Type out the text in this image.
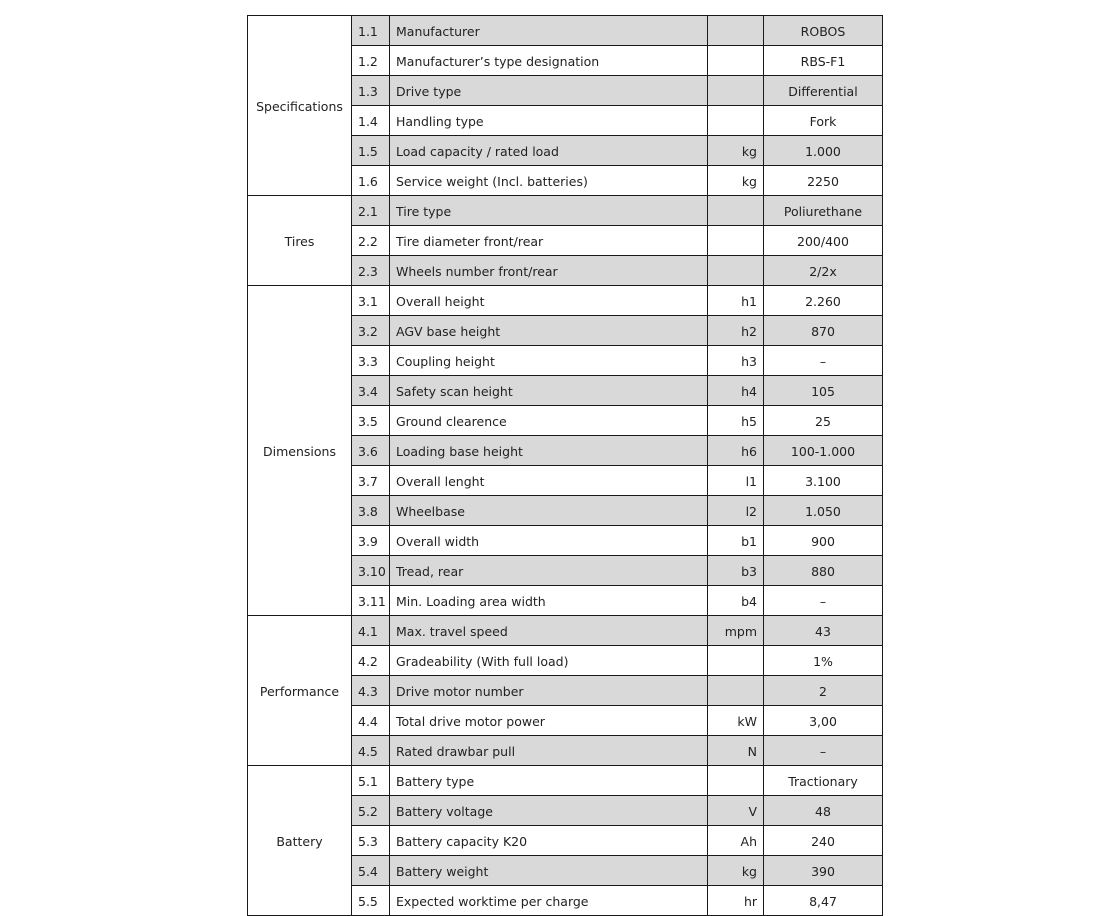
Specifications	1.1	Manufacturer		ROBOS
	1.2	Manufacturer’s type designation		RBS-F1
	1.3	Drive type		Differential
	1.4	Handling type		Fork
	1.5	Load capacity / rated load	kg	1.000
	1.6	Service weight (Incl. batteries)	kg	2250
Tires	2.1	Tire type		Poliurethane
	2.2	Tire diameter front/rear		200/400
	2.3	Wheels number front/rear		2/2x
Dimensions	3.1	Overall height	h1	2.260
	3.2	AGV base height	h2	870
	3.3	Coupling height	h3	–
	3.4	Safety scan height	h4	105
	3.5	Ground clearence	h5	25
	3.6	Loading base height	h6	100-1.000
	3.7	Overall lenght	l1	3.100
	3.8	Wheelbase	l2	1.050
	3.9	Overall width	b1	900
	3.10	Tread, rear	b3	880
	3.11	Min. Loading area width	b4	–
Performance	4.1	Max. travel speed	mpm	43
	4.2	Gradeability (With full load)		1%
	4.3	Drive motor number		2
	4.4	Total drive motor power	kW	3,00
	4.5	Rated drawbar pull	N	–
Battery	5.1	Battery type		Tractionary
	5.2	Battery voltage	V	48
	5.3	Battery capacity K20	Ah	240
	5.4	Battery weight	kg	390
	5.5	Expected worktime per charge	hr	8,47
